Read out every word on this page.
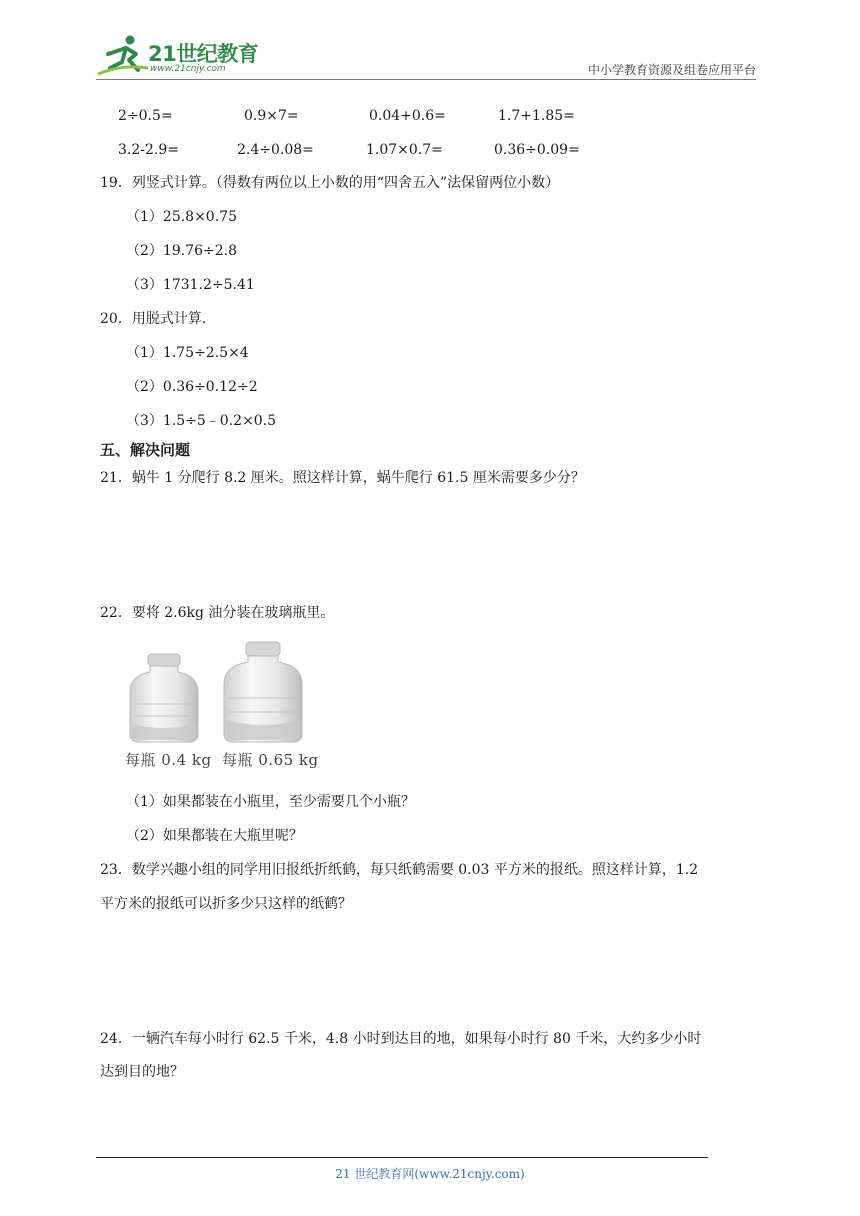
21世纪教育
www.21cnjy.com	中小学教育资源及组卷应用平台
2÷0.5=	0.9×7=	0.04+0.6=	1.7+1.85=
3.2-2.9=	2.4÷0.08=	1.07×0.7=	0.36÷0.09=
19．列竖式计算。（得数有两位以上小数的用“四舍五入”法保留两位小数）
（1）25.8×0.75
（2）19.76÷2.8
（3）1731.2÷5.41
20．用脱式计算．
（1）1.75÷2.5×4
（2）0.36÷0.12÷2
（3）1.5÷5﹣0.2×0.5
五、解决问题
21．蜗牛 1 分爬行 8.2 厘米。照这样计算，蜗牛爬行 61.5 厘米需要多少分？
22．要将 2.6kg 油分装在玻璃瓶里。
每瓶 0.4 kg 每瓶 0.65 kg
（1）如果都装在小瓶里，至少需要几个小瓶？
（2）如果都装在大瓶里呢？
23．数学兴趣小组的同学用旧报纸折纸鹤，每只纸鹤需要 0.03 平方米的报纸。照这样计算，1.2
平方米的报纸可以折多少只这样的纸鹤？
24．一辆汽车每小时行 62.5 千米，4.8 小时到达目的地，如果每小时行 80 千米，大约多少小时
达到目的地？
21 世纪教育网(www.21cnjy.com)
